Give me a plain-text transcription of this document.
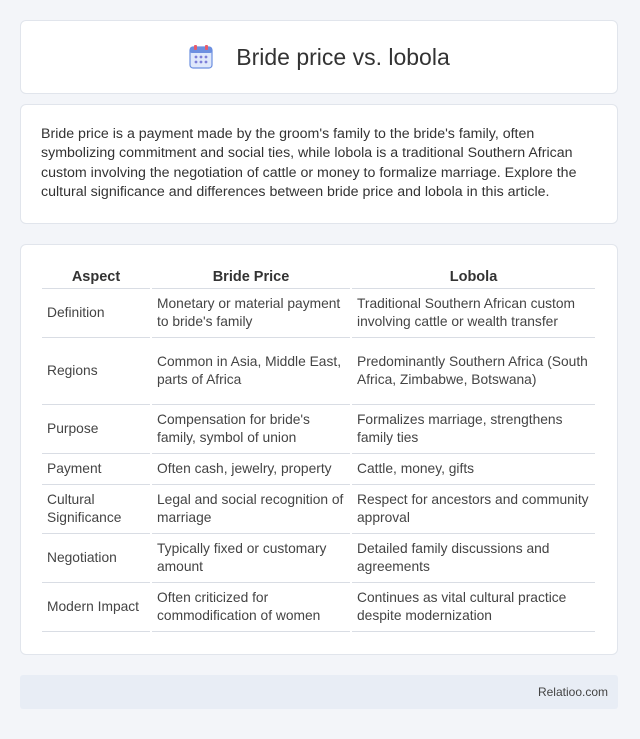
Bride price vs. lobola

Bride price is a payment made by the groom's family to the bride's family, often symbolizing commitment and social ties, while lobola is a traditional Southern African custom involving the negotiation of cattle or money to formalize marriage. Explore the cultural significance and differences between bride price and lobola in this article.

Aspect	Bride Price	Lobola
Definition	Monetary or material payment to bride's family	Traditional Southern African custom involving cattle or wealth transfer
Regions	Common in Asia, Middle East, parts of Africa	Predominantly Southern Africa (South Africa, Zimbabwe, Botswana)
Purpose	Compensation for bride's family, symbol of union	Formalizes marriage, strengthens family ties
Payment	Often cash, jewelry, property	Cattle, money, gifts
Cultural Significance	Legal and social recognition of marriage	Respect for ancestors and community approval
Negotiation	Typically fixed or customary amount	Detailed family discussions and agreements
Modern Impact	Often criticized for commodification of women	Continues as vital cultural practice despite modernization
Relatioo.com
